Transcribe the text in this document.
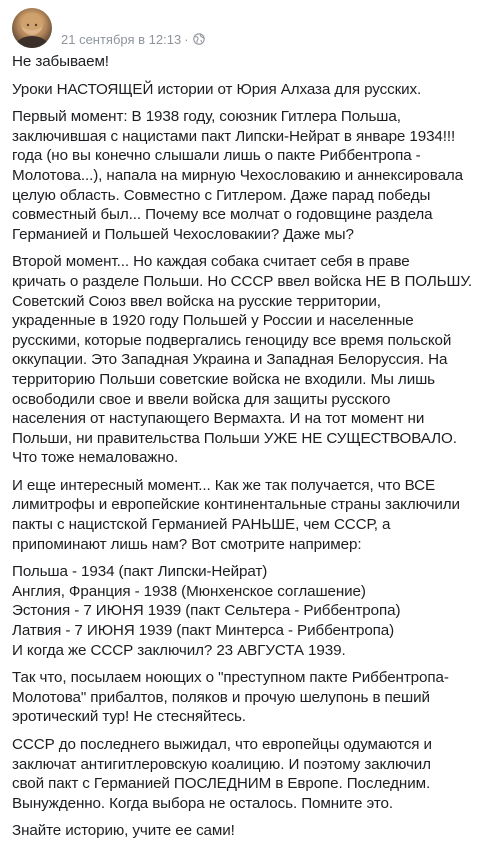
21 сентября в 12:13 ·

Не забываем!

Уроки НАСТОЯЩЕЙ истории от Юрия Алхаза для русских.

Первый момент: В 1938 году, союзник Гитлера Польша,
заключившая с нацистами пакт Липски-Нейрат в январе 1934!!!
года (но вы конечно слышали лишь о пакте Риббентропа -
Молотова...), напала на мирную Чехословакию и аннексировала
целую область. Совместно с Гитлером. Даже парад победы
совместный был... Почему все молчат о годовщине раздела
Германией и Польшей Чехословакии? Даже мы?

Второй момент... Но каждая собака считает себя в праве
кричать о разделе Польши. Но СССР ввел войска НЕ В ПОЛЬШУ.
Советский Союз ввел войска на русские территории,
украденные в 1920 году Польшей у России и населенные
русскими, которые подвергались геноциду все время польской
оккупации. Это Западная Украина и Западная Белоруссия. На
территорию Польши советские войска не входили. Мы лишь
освободили свое и ввели войска для защиты русского
населения от наступающего Вермахта. И на тот момент ни
Польши, ни правительства Польши УЖЕ НЕ СУЩЕСТВОВАЛО.
Что тоже немаловажно.

И еще интересный момент... Как же так получается, что ВСЕ
лимитрофы и европейские континентальные страны заключили
пакты с нацистской Германией РАНЬШЕ, чем СССР, а
припоминают лишь нам? Вот смотрите например:

Польша - 1934 (пакт Липски-Нейрат)
Англия, Франция - 1938 (Мюнхенское соглашение)
Эстония - 7 ИЮНЯ 1939 (пакт Сельтера - Риббентропа)
Латвия - 7 ИЮНЯ 1939 (пакт Минтерса - Риббентропа)
И когда же СССР заключил? 23 АВГУСТА 1939.

Так что, посылаем ноющих о "преступном пакте Риббентропа-
Молотова" прибалтов, поляков и прочую шелупонь в пеший
эротический тур! Не стесняйтесь.

СССР до последнего выжидал, что европейцы одумаются и
заключат антигитлеровскую коалицию. И поэтому заключил
свой пакт с Германией ПОСЛЕДНИМ в Европе. Последним.
Вынужденно. Когда выбора не осталось. Помните это.

Знайте историю, учите ее сами!
